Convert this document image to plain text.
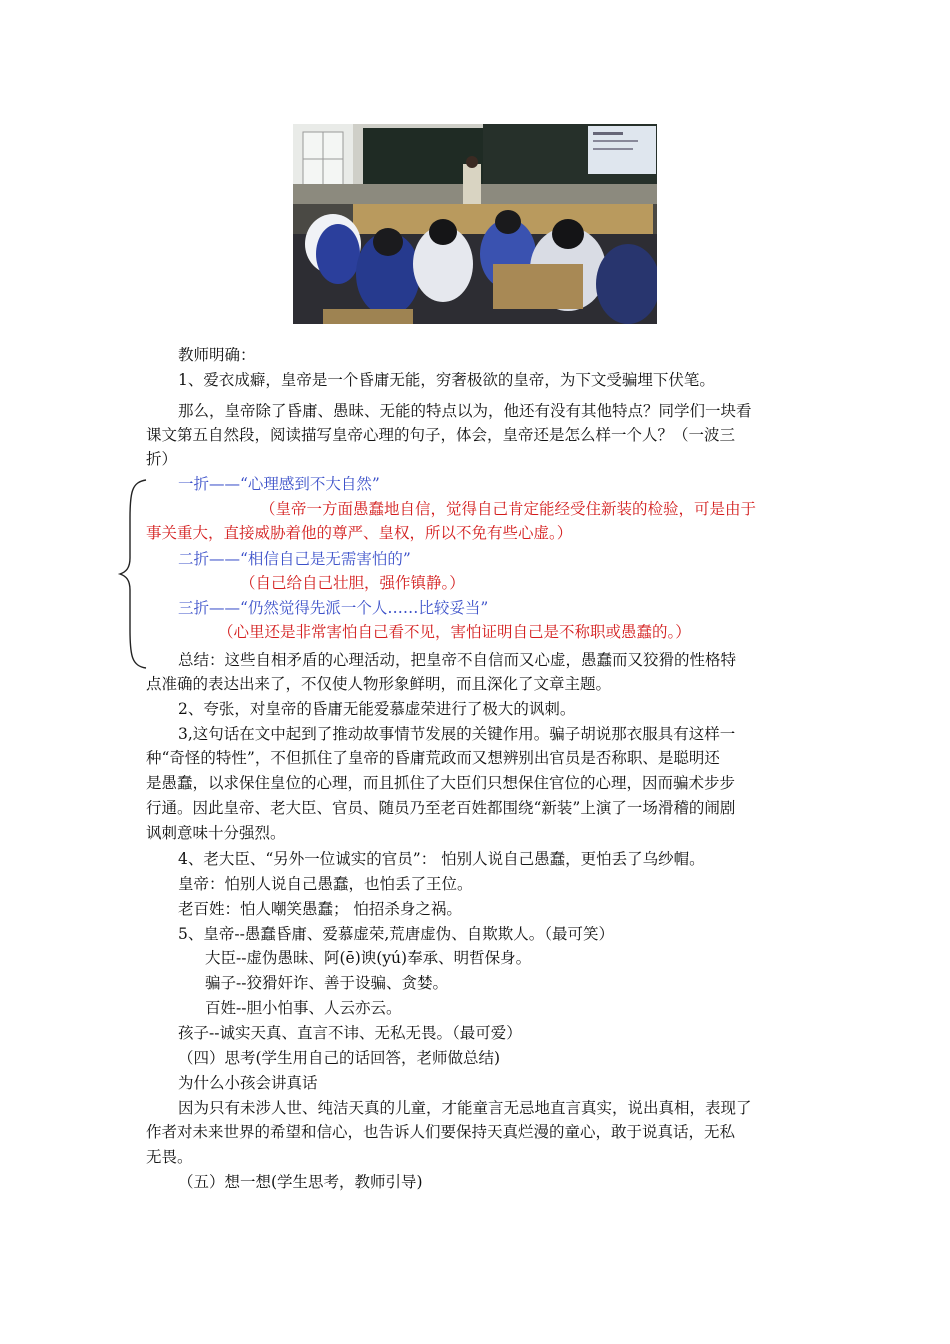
教师明确：
1、爱衣成癖，皇帝是一个昏庸无能，穷奢极欲的皇帝，为下文受骗埋下伏笔。
那么，皇帝除了昏庸、愚昧、无能的特点以为，他还有没有其他特点？同学们一块看
课文第五自然段，阅读描写皇帝心理的句子，体会，皇帝还是怎么样一个人？（一波三
折）
一折——“心理感到不大自然”
（皇帝一方面愚蠢地自信，觉得自己肯定能经受住新装的检验，可是由于
事关重大，直接威胁着他的尊严、皇权，所以不免有些心虚。）
二折——“相信自己是无需害怕的”
（自己给自己壮胆，强作镇静。）
三折——“仍然觉得先派一个人……比较妥当”
（心里还是非常害怕自己看不见，害怕证明自己是不称职或愚蠢的。）
总结：这些自相矛盾的心理活动，把皇帝不自信而又心虚，愚蠢而又狡猾的性格特
点准确的表达出来了，不仅使人物形象鲜明，而且深化了文章主题。
2、夸张，对皇帝的昏庸无能爱慕虚荣进行了极大的讽刺。
3,这句话在文中起到了推动故事情节发展的关键作用。骗子胡说那衣服具有这样一
种“奇怪的特性”，不但抓住了皇帝的昏庸荒政而又想辨别出官员是否称职、是聪明还
是愚蠢，以求保住皇位的心理，而且抓住了大臣们只想保住官位的心理，因而骗术步步
行通。因此皇帝、老大臣、官员、随员乃至老百姓都围绕“新装”上演了一场滑稽的闹剧
讽刺意味十分强烈。
4、老大臣、“另外一位诚实的官员”： 怕别人说自己愚蠢，更怕丢了乌纱帽。
皇帝：怕别人说自己愚蠢，也怕丢了王位。
老百姓：怕人嘲笑愚蠢； 怕招杀身之祸。
5、皇帝--愚蠢昏庸、爱慕虚荣,荒唐虚伪、自欺欺人。（最可笑）
大臣--虚伪愚昧、阿(ē)谀(yú)奉承、明哲保身。
骗子--狡猾奸诈、善于设骗、贪婪。
百姓--胆小怕事、人云亦云。
孩子--诚实天真、直言不讳、无私无畏。（最可爱）
（四）思考(学生用自己的话回答，老师做总结)
为什么小孩会讲真话
因为只有未涉人世、纯洁天真的儿童，才能童言无忌地直言真实，说出真相，表现了
作者对未来世界的希望和信心，也告诉人们要保持天真烂漫的童心，敢于说真话，无私
无畏。
（五）想一想(学生思考，教师引导)
